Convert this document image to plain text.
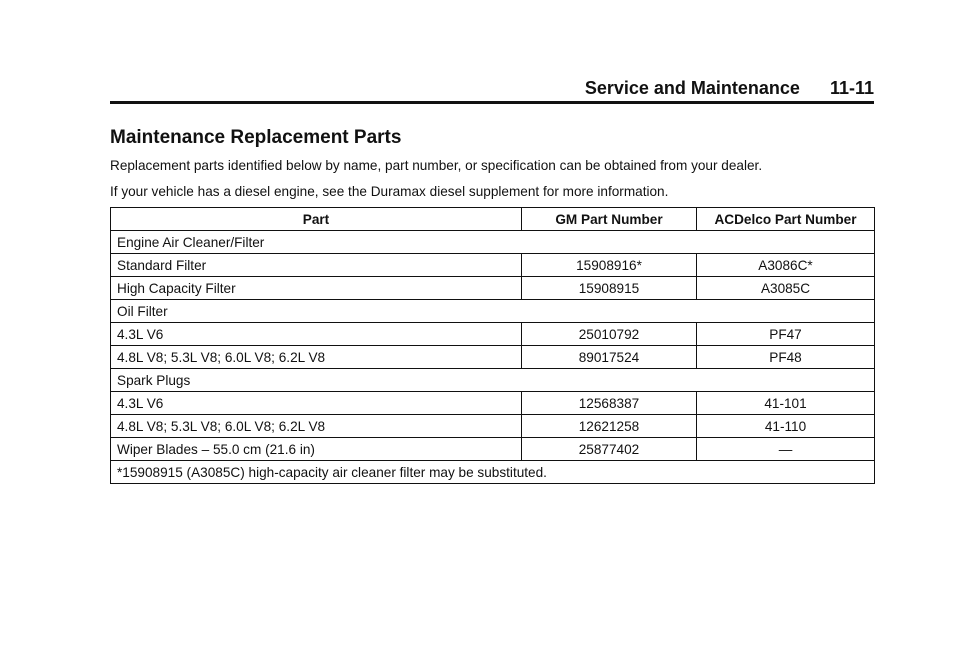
Service and Maintenance 11-11
Maintenance Replacement Parts

Replacement parts identified below by name, part number, or specification can be obtained from your dealer.

If your vehicle has a diesel engine, see the Duramax diesel supplement for more information.

Part	GM Part Number	ACDelco Part Number
Engine Air Cleaner/Filter		
Standard Filter	15908916*	A3086C*
High Capacity Filter	15908915	A3085C
Oil Filter		
4.3L V6	25010792	PF47
4.8L V8; 5.3L V8; 6.0L V8; 6.2L V8	89017524	PF48
Spark Plugs		
4.3L V6	12568387	41-101
4.8L V8; 5.3L V8; 6.0L V8; 6.2L V8	12621258	41-110
Wiper Blades – 55.0 cm (21.6 in)	25877402	—
*15908915 (A3085C) high-capacity air cleaner filter may be substituted.		
